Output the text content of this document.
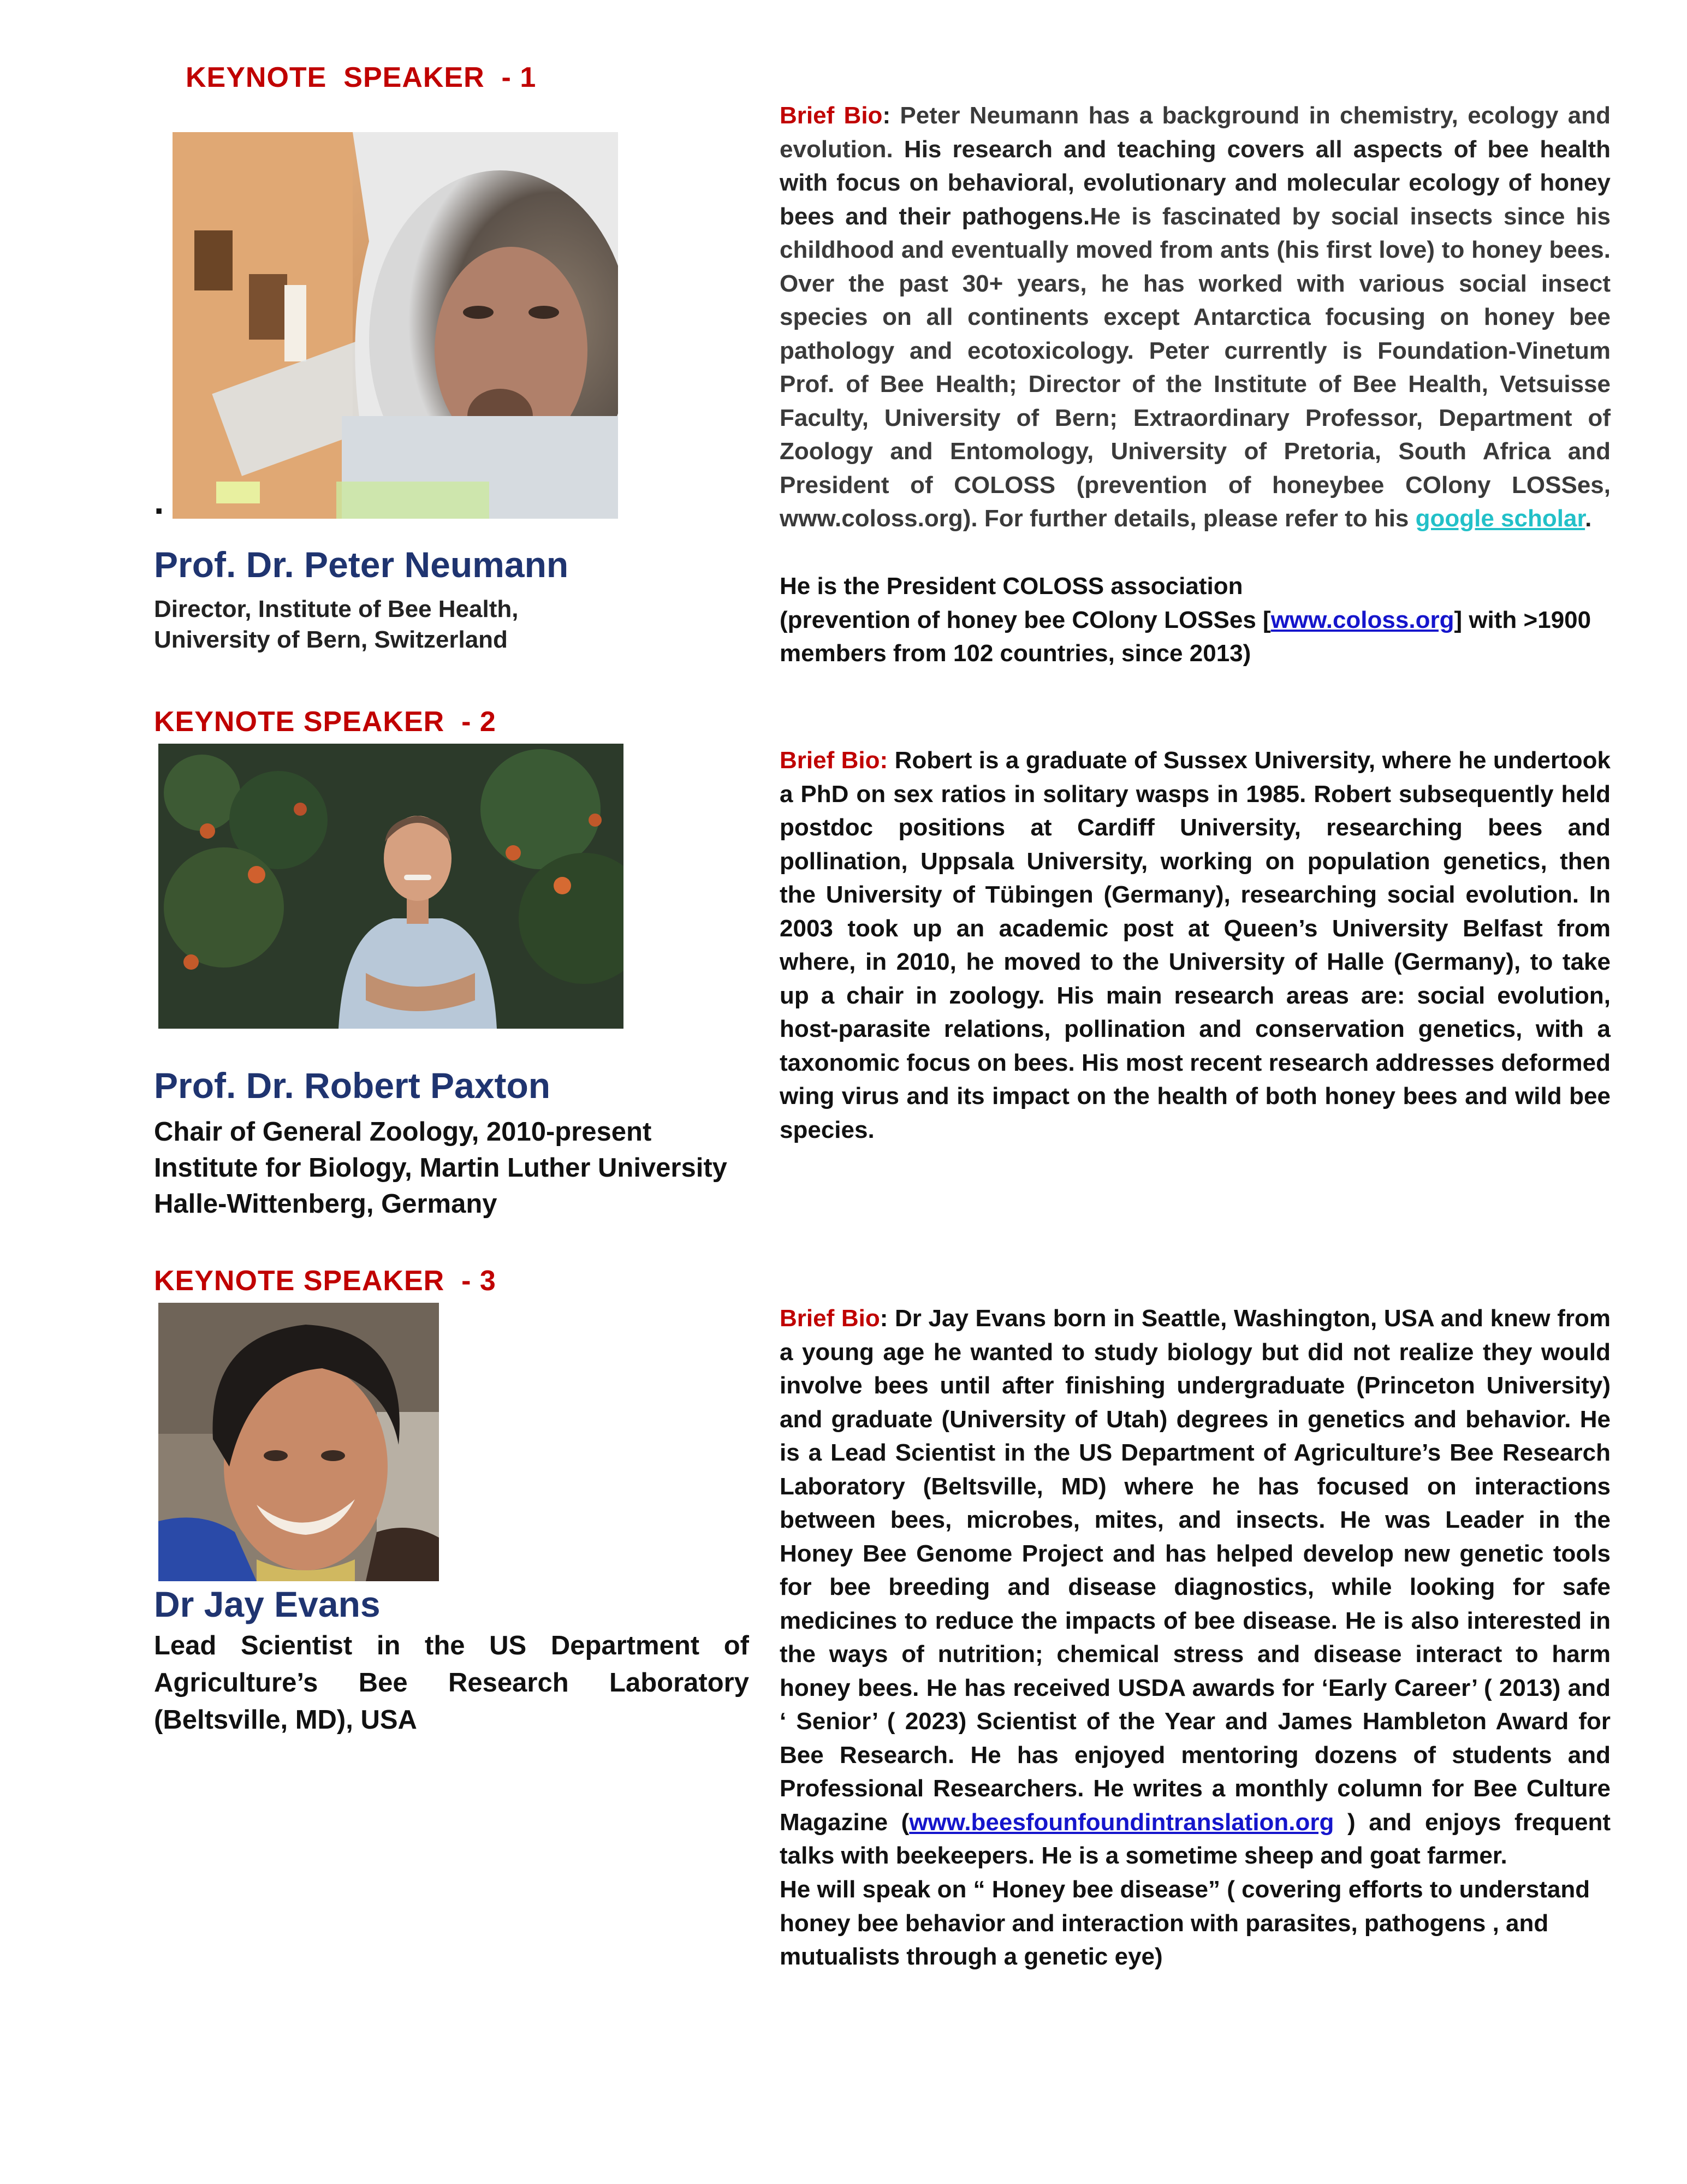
KEYNOTE  SPEAKER  - 1
.
Prof. Dr. Peter Neumann
Director, Institute of Bee Health,
University of Bern, Switzerland
Brief Bio: Peter Neumann has a background in chemistry, ecology and evolution. His research and teaching covers all aspects of bee health with focus on behavioral, evolutionary and molecular ecology of honey bees and their pathogens.He is fascinated by social insects since his childhood and eventually moved from ants (his first love) to honey bees. Over the past 30+ years, he has worked with various social insect species on all continents except Antarctica focusing on honey bee pathology and ecotoxicology. Peter currently is Foundation-Vinetum Prof. of Bee Health; Director of the Institute of Bee Health, Vetsuisse Faculty, University of Bern; Extraordinary Professor, Department of Zoology and Entomology, University of Pretoria, South Africa and President of COLOSS (prevention of honeybee COlony LOSSes, www.coloss.org). For further details, please refer to his google scholar.
He is the President COLOSS association
(prevention of honey bee COlony LOSSes [www.coloss.org] with >1900
members from 102 countries, since 2013)
KEYNOTE SPEAKER  - 2
Prof. Dr. Robert Paxton
Chair of General Zoology, 2010-present
Institute for Biology, Martin Luther University
Halle-Wittenberg, Germany
Brief Bio: Robert is a graduate of Sussex University, where he undertook a PhD on sex ratios in solitary wasps in 1985. Robert subsequently held postdoc positions at Cardiff University, researching bees and pollination, Uppsala University, working on population genetics, then the University of Tübingen (Germany), researching social evolution. In 2003 took up an academic post at Queen’s University Belfast from where, in 2010, he moved to the University of Halle (Germany), to take up a chair in zoology. His main research areas are: social evolution, host-parasite relations, pollination and conservation genetics, with a taxonomic focus on bees. His most recent research addresses deformed wing virus and its impact on the health of both honey bees and wild bee species.
KEYNOTE SPEAKER  - 3
Dr Jay Evans
Lead Scientist in the US Department of Agriculture’s Bee Research Laboratory (Beltsville, MD), USA
Brief Bio: Dr Jay Evans born in Seattle, Washington, USA and knew from a young age he wanted to study biology but did not realize they would involve bees until after finishing undergraduate (Princeton University) and graduate (University of Utah) degrees in genetics and behavior. He is a Lead Scientist in the US Department of Agriculture’s Bee Research Laboratory (Beltsville, MD) where he has focused on interactions between bees, microbes, mites, and insects. He was Leader in the Honey Bee Genome Project and has helped develop new genetic tools for bee breeding and disease diagnostics, while looking for safe medicines to reduce the impacts of bee disease. He is also interested in the ways of nutrition; chemical stress and disease interact to harm honey bees. He has received USDA awards for ‘Early Career’ ( 2013) and ‘ Senior’ ( 2023) Scientist of the Year and James Hambleton Award for Bee Research. He has enjoyed mentoring dozens of students and Professional Researchers. He writes a monthly column for Bee Culture Magazine (www.beesfounfoundintranslation.org ) and enjoys frequent talks with beekeepers. He is a sometime sheep and goat farmer.
He will speak on “ Honey bee disease” ( covering efforts to understand
honey bee behavior and interaction with parasites, pathogens , and
mutualists through a genetic eye)
